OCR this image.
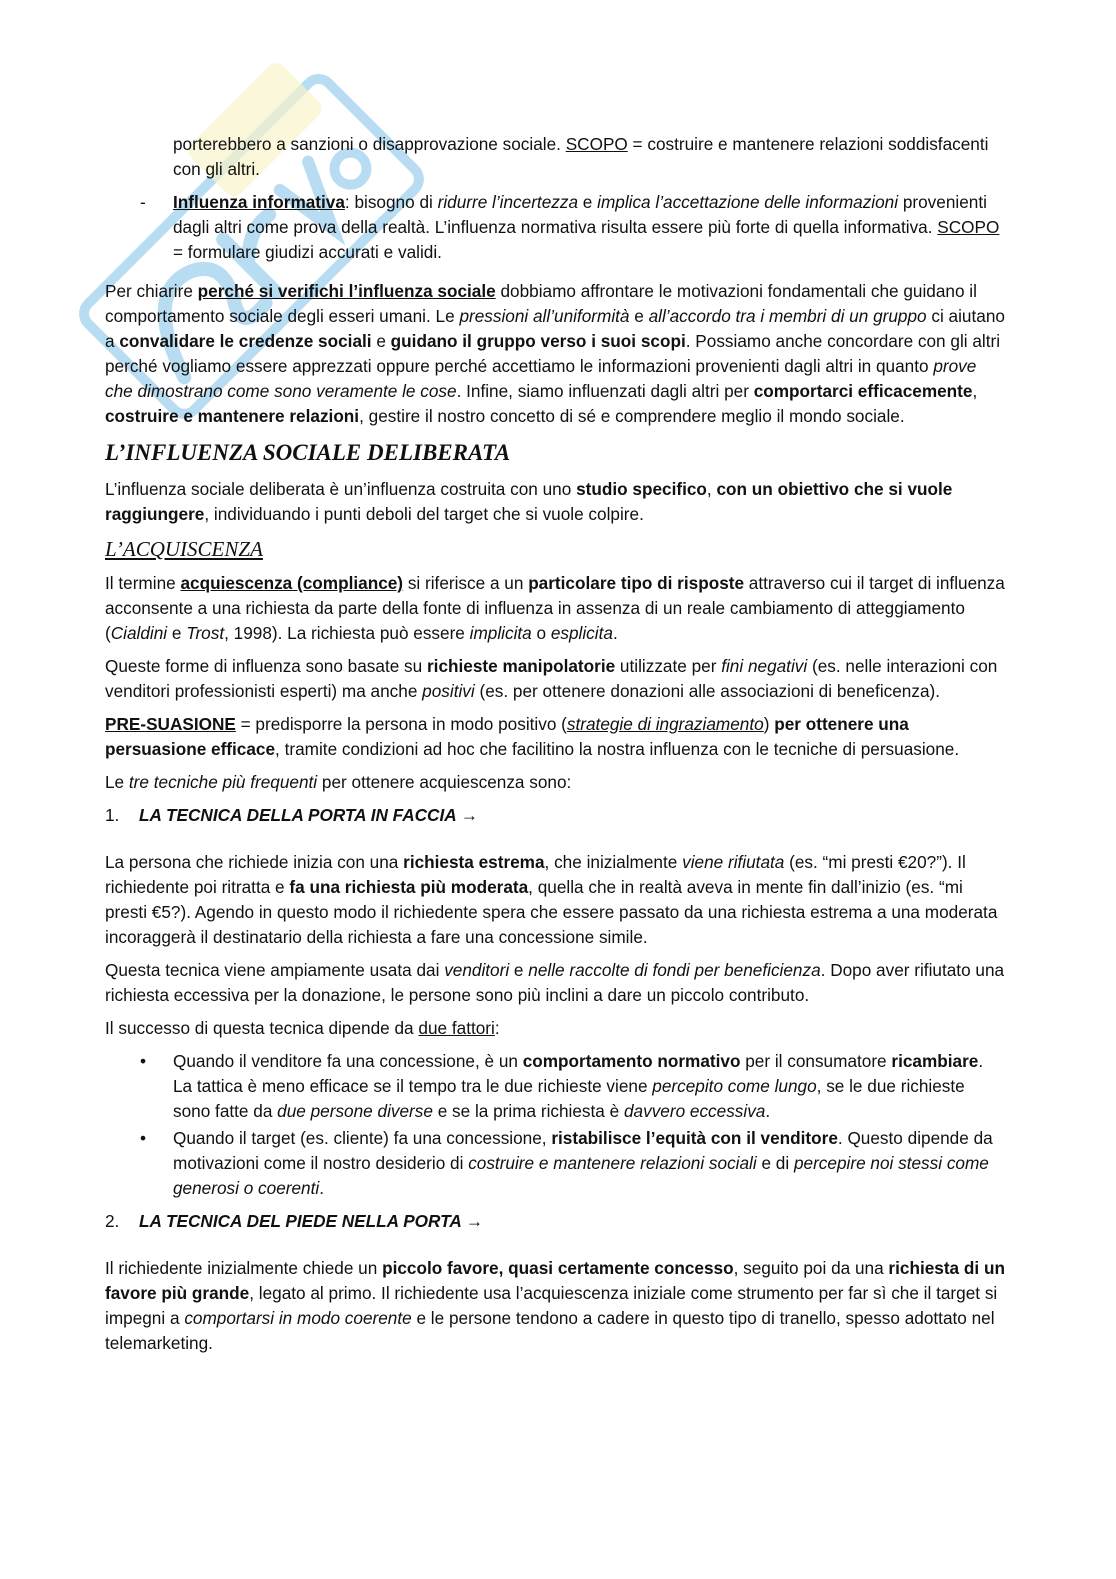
porterebbero a sanzioni o disapprovazione sociale. SCOPO = costruire e mantenere relazioni soddisfacenti con gli altri.

- Influenza informativa: bisogno di ridurre l’incertezza e implica l’accettazione delle informazioni provenienti dagli altri come prova della realtà. L’influenza normativa risulta essere più forte di quella informativa. SCOPO = formulare giudizi accurati e validi.

Per chiarire perché si verifichi l’influenza sociale dobbiamo affrontare le motivazioni fondamentali che guidano il comportamento sociale degli esseri umani. Le pressioni all’uniformità e all’accordo tra i membri di un gruppo ci aiutano a convalidare le credenze sociali e guidano il gruppo verso i suoi scopi. Possiamo anche concordare con gli altri perché vogliamo essere apprezzati oppure perché accettiamo le informazioni provenienti dagli altri in quanto prove che dimostrano come sono veramente le cose. Infine, siamo influenzati dagli altri per comportarci efficacemente, costruire e mantenere relazioni, gestire il nostro concetto di sé e comprendere meglio il mondo sociale.

L’INFLUENZA SOCIALE DELIBERATA

L’influenza sociale deliberata è un’influenza costruita con uno studio specifico, con un obiettivo che si vuole raggiungere, individuando i punti deboli del target che si vuole colpire.

L’ACQUISCENZA

Il termine acquiescenza (compliance) si riferisce a un particolare tipo di risposte attraverso cui il target di influenza acconsente a una richiesta da parte della fonte di influenza in assenza di un reale cambiamento di atteggiamento (Cialdini e Trost, 1998). La richiesta può essere implicita o esplicita.

Queste forme di influenza sono basate su richieste manipolatorie utilizzate per fini negativi (es. nelle interazioni con venditori professionisti esperti) ma anche positivi (es. per ottenere donazioni alle associazioni di beneficenza).

PRE-SUASIONE = predisporre la persona in modo positivo (strategie di ingraziamento) per ottenere una persuasione efficace, tramite condizioni ad hoc che facilitino la nostra influenza con le tecniche di persuasione.

Le tre tecniche più frequenti per ottenere acquiescenza sono:

1. LA TECNICA DELLA PORTA IN FACCIA →

La persona che richiede inizia con una richiesta estrema, che inizialmente viene rifiutata (es. “mi presti €20?”). Il richiedente poi ritratta e fa una richiesta più moderata, quella che in realtà aveva in mente fin dall’inizio (es. “mi presti €5?). Agendo in questo modo il richiedente spera che essere passato da una richiesta estrema a una moderata incoraggerà il destinatario della richiesta a fare una concessione simile.

Questa tecnica viene ampiamente usata dai venditori e nelle raccolte di fondi per beneficienza. Dopo aver rifiutato una richiesta eccessiva per la donazione, le persone sono più inclini a dare un piccolo contributo.

Il successo di questa tecnica dipende da due fattori:

• Quando il venditore fa una concessione, è un comportamento normativo per il consumatore ricambiare. La tattica è meno efficace se il tempo tra le due richieste viene percepito come lungo, se le due richieste sono fatte da due persone diverse e se la prima richiesta è davvero eccessiva.

• Quando il target (es. cliente) fa una concessione, ristabilisce l’equità con il venditore. Questo dipende da motivazioni come il nostro desiderio di costruire e mantenere relazioni sociali e di percepire noi stessi come generosi o coerenti.

2. LA TECNICA DEL PIEDE NELLA PORTA →

Il richiedente inizialmente chiede un piccolo favore, quasi certamente concesso, seguito poi da una richiesta di un favore più grande, legato al primo. Il richiedente usa l’acquiescenza iniziale come strumento per far sì che il target si impegni a comportarsi in modo coerente e le persone tendono a cadere in questo tipo di tranello, spesso adottato nel telemarketing.
